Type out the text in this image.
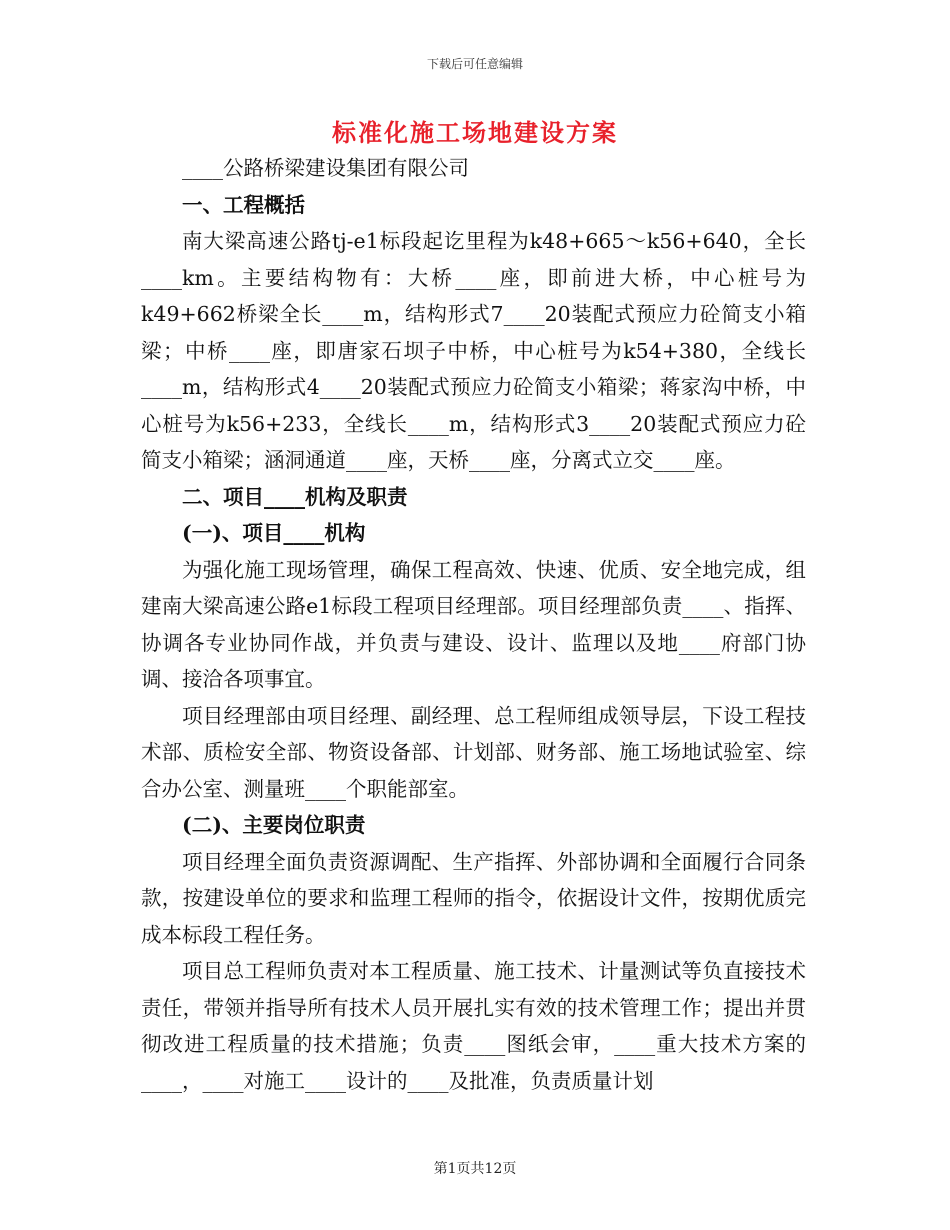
下载后可任意编辑
标准化施工场地建设方案

____公路桥梁建设集团有限公司

一、工程概括

南大梁高速公路tj-e1标段起讫里程为k48+665～k56+640，全长____km。主要结构物有：大桥____座，即前进大桥，中心桩号为k49+662桥梁全长____m，结构形式7____20装配式预应力砼简支小箱梁；中桥____座，即唐家石坝子中桥，中心桩号为k54+380，全线长____m，结构形式4____20装配式预应力砼简支小箱梁；蒋家沟中桥，中心桩号为k56+233，全线长____m，结构形式3____20装配式预应力砼简支小箱梁；涵洞通道____座，天桥____座，分离式立交____座。

二、项目____机构及职责

(一)、项目____机构

为强化施工现场管理，确保工程高效、快速、优质、安全地完成，组建南大梁高速公路e1标段工程项目经理部。项目经理部负责____、指挥、协调各专业协同作战，并负责与建设、设计、监理以及地____府部门协调、接洽各项事宜。

项目经理部由项目经理、副经理、总工程师组成领导层，下设工程技术部、质检安全部、物资设备部、计划部、财务部、施工场地试验室、综合办公室、测量班____个职能部室。

(二)、主要岗位职责

项目经理全面负责资源调配、生产指挥、外部协调和全面履行合同条款，按建设单位的要求和监理工程师的指令，依据设计文件，按期优质完成本标段工程任务。

项目总工程师负责对本工程质量、施工技术、计量测试等负直接技术责任，带领并指导所有技术人员开展扎实有效的技术管理工作；提出并贯彻改进工程质量的技术措施；负责____图纸会审，____重大技术方案的____，____对施工____设计的____及批准，负责质量计划

第1页共12页
